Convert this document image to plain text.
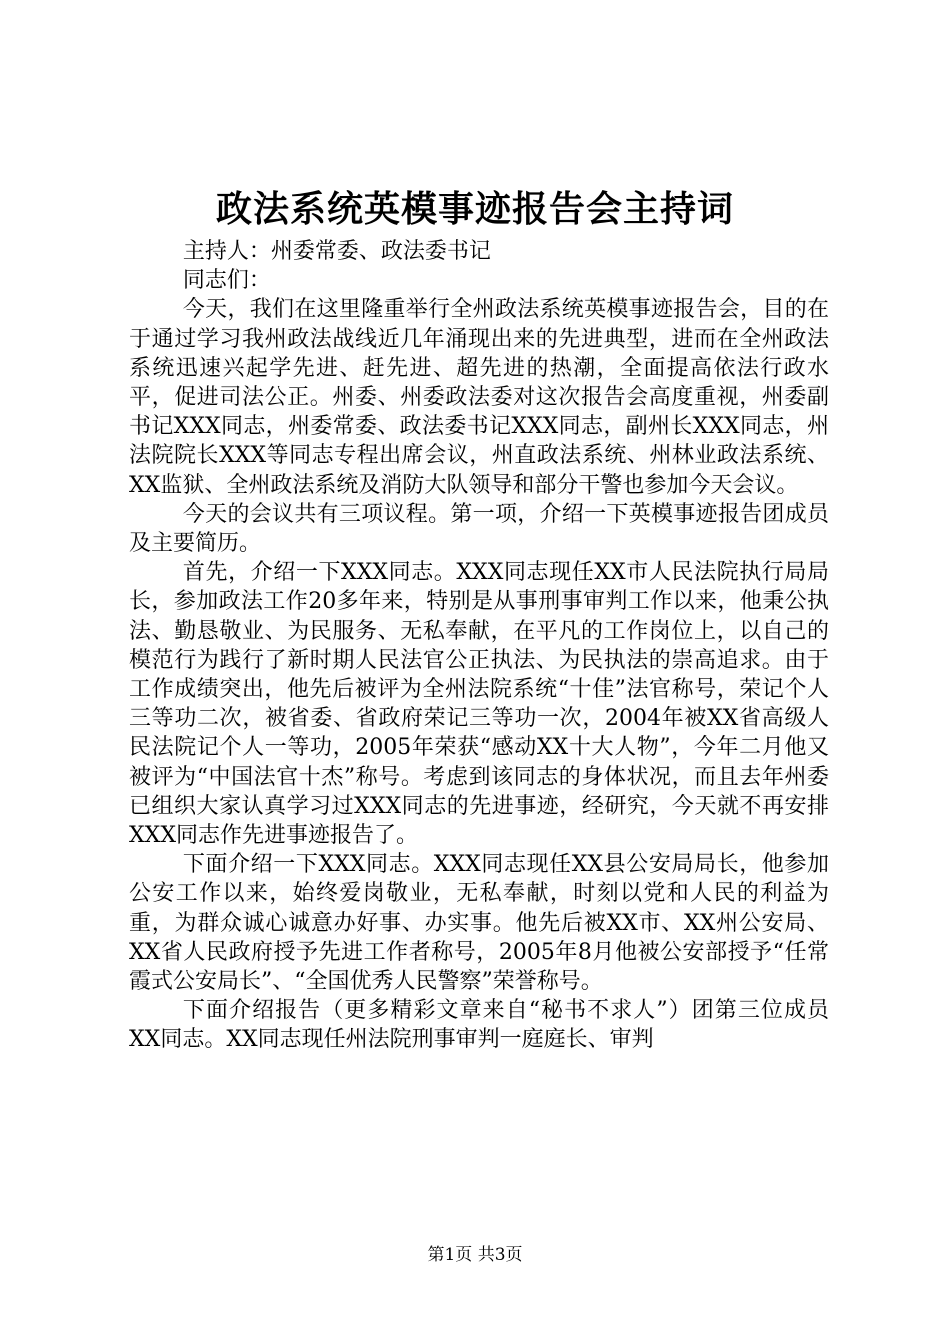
政法系统英模事迹报告会主持词

主持人：州委常委、政法委书记

同志们：

今天，我们在这里隆重举行全州政法系统英模事迹报告会，目的在于通过学习我州政法战线近几年涌现出来的先进典型，进而在全州政法系统迅速兴起学先进、赶先进、超先进的热潮，全面提高依法行政水平，促进司法公正。州委、州委政法委对这次报告会高度重视，州委副书记XXX同志，州委常委、政法委书记XXX同志，副州长XXX同志，州法院院长XXX等同志专程出席会议，州直政法系统、州林业政法系统、XX监狱、全州政法系统及消防大队领导和部分干警也参加今天会议。

今天的会议共有三项议程。第一项，介绍一下英模事迹报告团成员及主要简历。

首先，介绍一下XXX同志。XXX同志现任XX市人民法院执行局局长，参加政法工作20多年来，特别是从事刑事审判工作以来，他秉公执法、勤恳敬业、为民服务、无私奉献，在平凡的工作岗位上，以自己的模范行为践行了新时期人民法官公正执法、为民执法的崇高追求。由于工作成绩突出，他先后被评为全州法院系统“十佳”法官称号，荣记个人三等功二次，被省委、省政府荣记三等功一次，2004年被XX省高级人民法院记个人一等功，2005年荣获“感动XX十大人物”，今年二月他又被评为“中国法官十杰”称号。考虑到该同志的身体状况，而且去年州委已组织大家认真学习过XXX同志的先进事迹，经研究，今天就不再安排XXX同志作先进事迹报告了。

下面介绍一下XXX同志。XXX同志现任XX县公安局局长，他参加公安工作以来，始终爱岗敬业，无私奉献，时刻以党和人民的利益为重，为群众诚心诚意办好事、办实事。他先后被XX市、XX州公安局、XX省人民政府授予先进工作者称号，2005年8月他被公安部授予“任常霞式公安局长”、“全国优秀人民警察”荣誉称号。

下面介绍报告（更多精彩文章来自“秘书不求人”）团第三位成员XX同志。XX同志现任州法院刑事审判一庭庭长、审判

第1页 共3页
